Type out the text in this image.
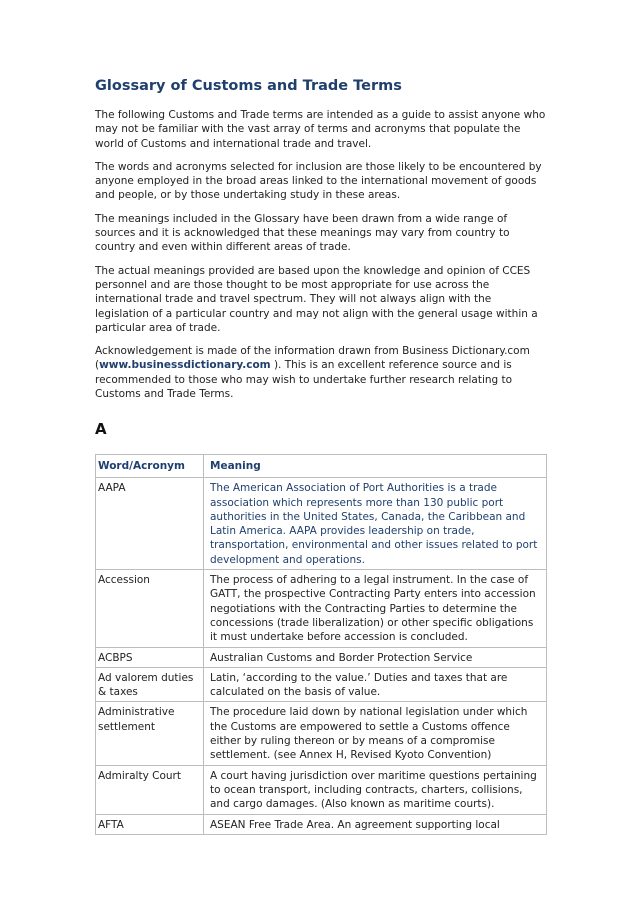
Glossary of Customs and Trade Terms

The following Customs and Trade terms are intended as a guide to assist anyone who may not be familiar with the vast array of terms and acronyms that populate the world of Customs and international trade and travel.

The words and acronyms selected for inclusion are those likely to be encountered by anyone employed in the broad areas linked to the international movement of goods and people, or by those undertaking study in these areas.

The meanings included in the Glossary have been drawn from a wide range of sources and it is acknowledged that these meanings may vary from country to country and even within different areas of trade.

The actual meanings provided are based upon the knowledge and opinion of CCES personnel and are those thought to be most appropriate for use across the international trade and travel spectrum. They will not always align with the legislation of a particular country and may not align with the general usage within a particular area of trade.

Acknowledgement is made of the information drawn from Business Dictionary.com (www.businessdictionary.com ). This is an excellent reference source and is recommended to those who may wish to undertake further research relating to Customs and Trade Terms.

A
Word/Acronym	Meaning
AAPA	The American Association of Port Authorities is a trade association which represents more than 130 public port authorities in the United States, Canada, the Caribbean and Latin America. AAPA provides leadership on trade, transportation, environmental and other issues related to port development and operations.
Accession	The process of adhering to a legal instrument. In the case of GATT, the prospective Contracting Party enters into accession negotiations with the Contracting Parties to determine the concessions (trade liberalization) or other specific obligations it must undertake before accession is concluded.
ACBPS	Australian Customs and Border Protection Service
Ad valorem duties & taxes	Latin, ‘according to the value.’ Duties and taxes that are calculated on the basis of value.
Administrative settlement	The procedure laid down by national legislation under which the Customs are empowered to settle a Customs offence either by ruling thereon or by means of a compromise settlement. (see Annex H, Revised Kyoto Convention)
Admiralty Court	A court having jurisdiction over maritime questions pertaining to ocean transport, including contracts, charters, collisions, and cargo damages. (Also known as maritime courts).
AFTA	ASEAN Free Trade Area. An agreement supporting local
